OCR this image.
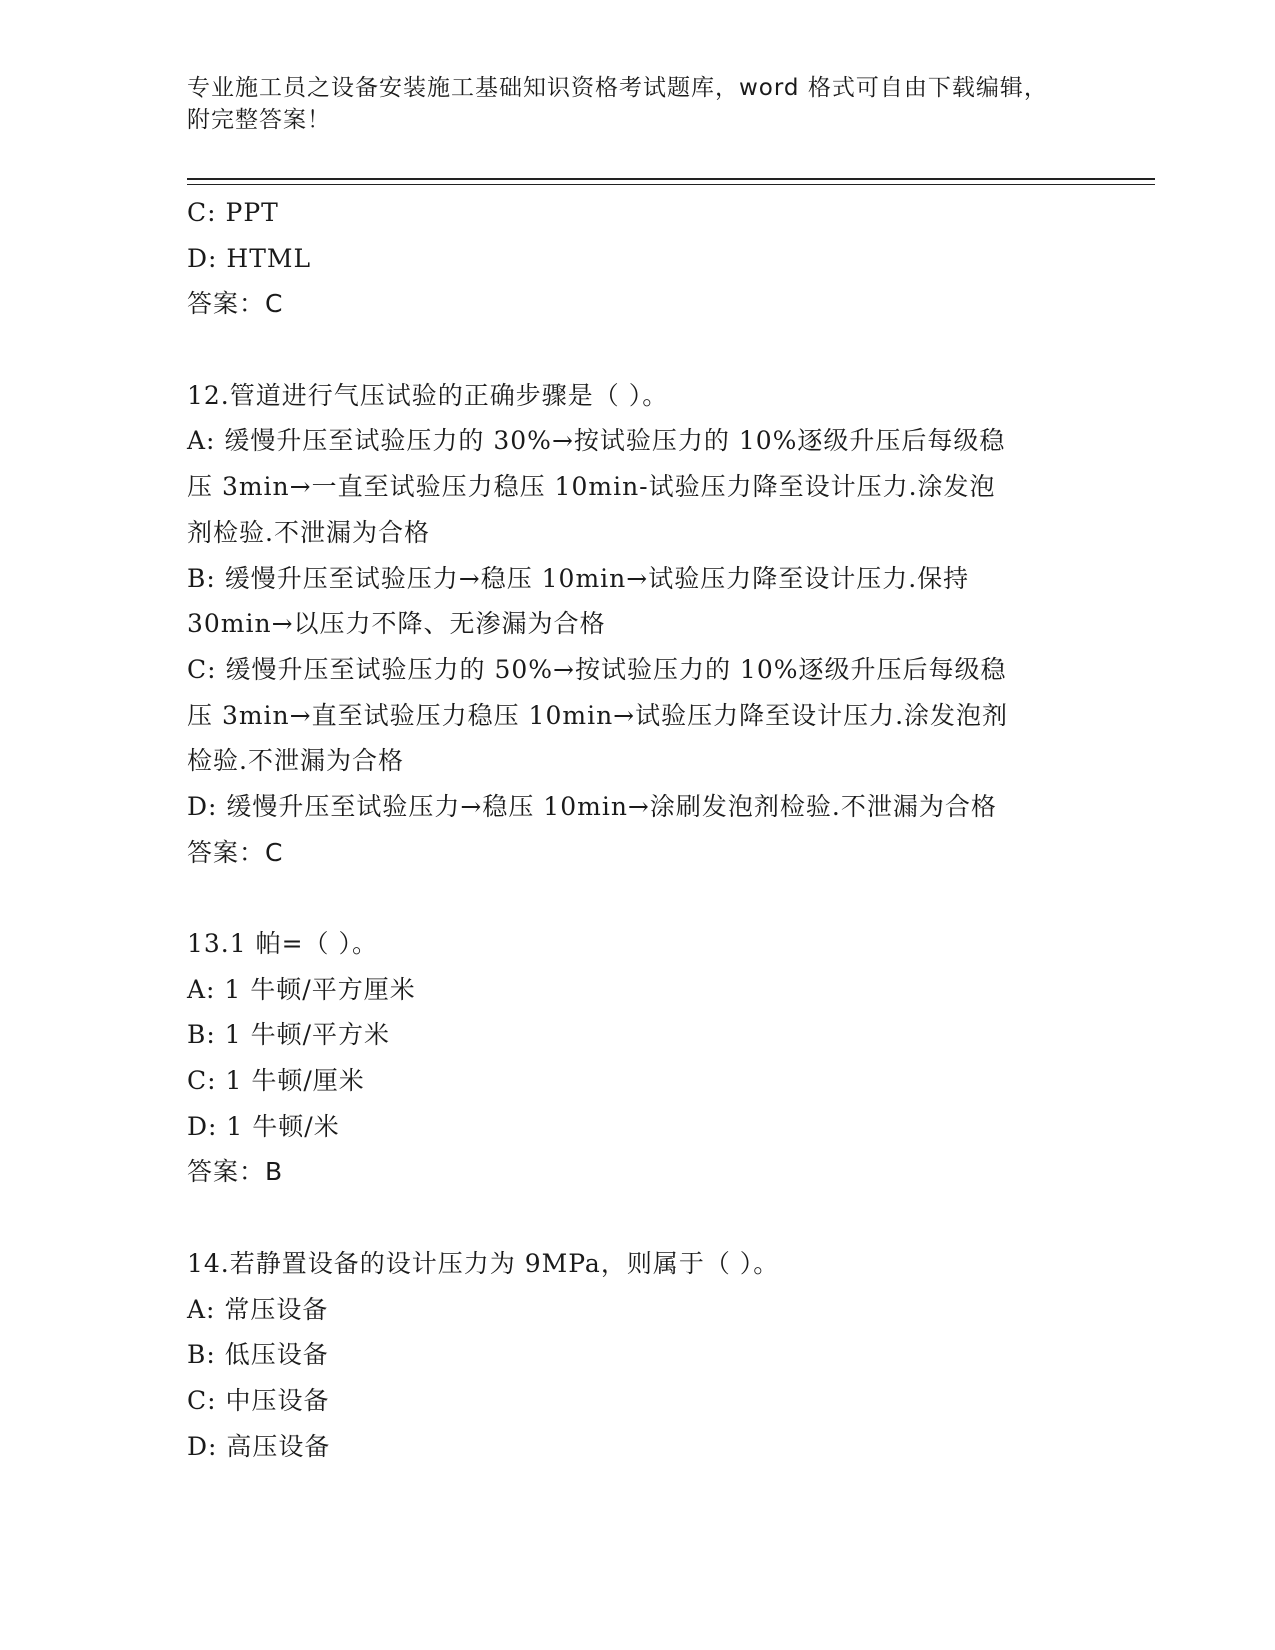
专业施工员之设备安装施工基础知识资格考试题库，word 格式可自由下载编辑，
附完整答案！
C: PPT
D: HTML
答案：C
12.管道进行气压试验的正确步骤是（ ）。
A: 缓慢升压至试验压力的 30%→按试验压力的 10%逐级升压后每级稳
压 3min→一直至试验压力稳压 10min-试验压力降至设计压力.涂发泡
剂检验.不泄漏为合格
B: 缓慢升压至试验压力→稳压 10min→试验压力降至设计压力.保持
30min→以压力不降、无渗漏为合格
C: 缓慢升压至试验压力的 50%→按试验压力的 10%逐级升压后每级稳
压 3min→直至试验压力稳压 10min→试验压力降至设计压力.涂发泡剂
检验.不泄漏为合格
D: 缓慢升压至试验压力→稳压 10min→涂刷发泡剂检验.不泄漏为合格
答案：C
13.1 帕=（ ）。
A: 1 牛顿/平方厘米
B: 1 牛顿/平方米
C: 1 牛顿/厘米
D: 1 牛顿/米
答案：B
14.若静置设备的设计压力为 9MPa，则属于（ ）。
A: 常压设备
B: 低压设备
C: 中压设备
D: 高压设备
